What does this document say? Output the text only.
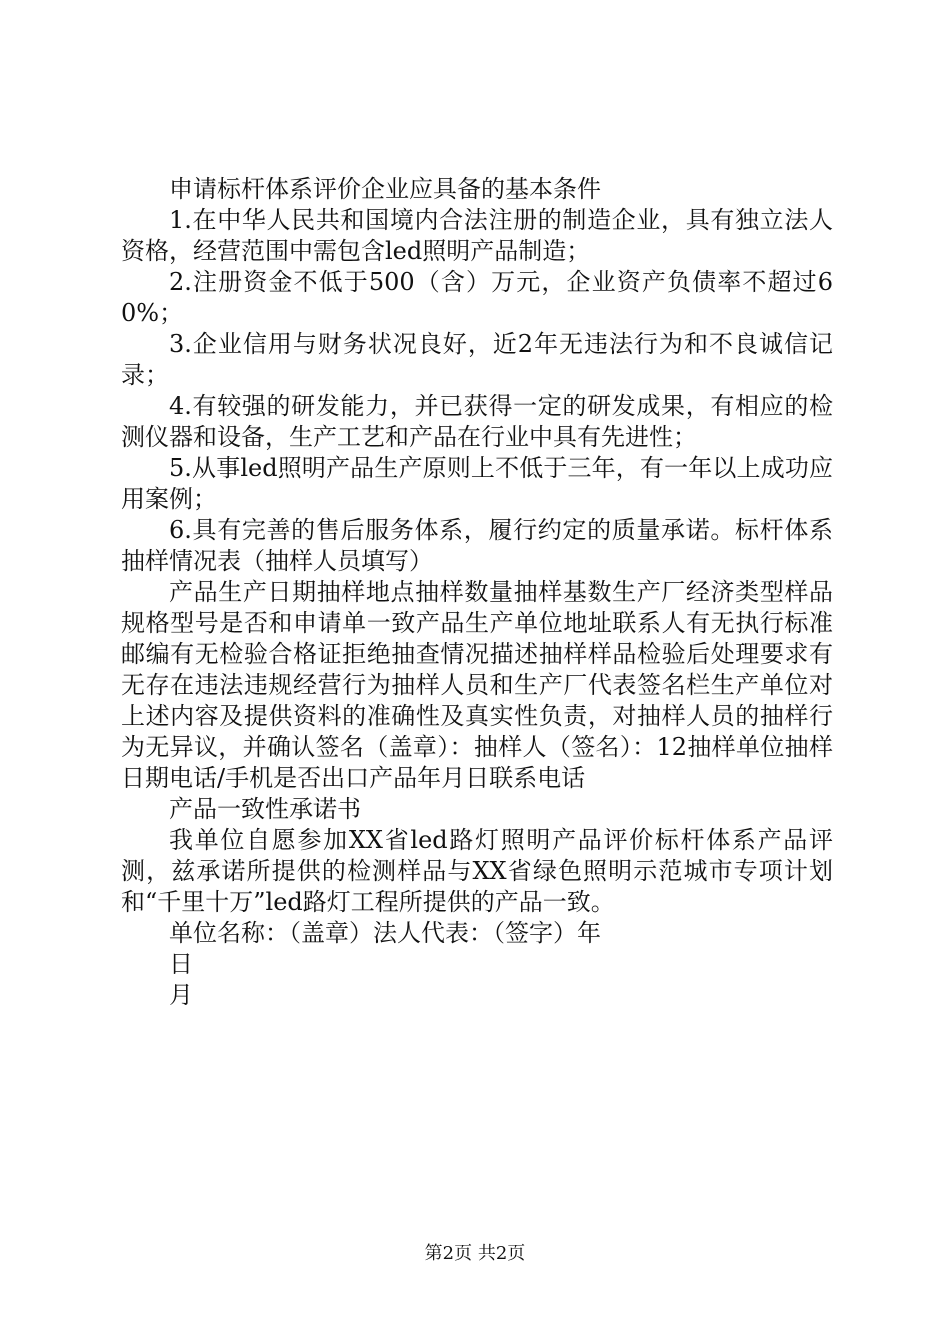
申请标杆体系评价企业应具备的基本条件

1.在中华人民共和国境内合法注册的制造企业，具有独立法人资格，经营范围中需包含led照明产品制造；

2.注册资金不低于500（含）万元，企业资产负债率不超过60%；

3.企业信用与财务状况良好，近2年无违法行为和不良诚信记录；

4.有较强的研发能力，并已获得一定的研发成果，有相应的检测仪器和设备，生产工艺和产品在行业中具有先进性；

5.从事led照明产品生产原则上不低于三年，有一年以上成功应用案例；

6.具有完善的售后服务体系，履行约定的质量承诺。标杆体系抽样情况表（抽样人员填写）

产品生产日期抽样地点抽样数量抽样基数生产厂经济类型样品规格型号是否和申请单一致产品生产单位地址联系人有无执行标准邮编有无检验合格证拒绝抽查情况描述抽样样品检验后处理要求有无存在违法违规经营行为抽样人员和生产厂代表签名栏生产单位对上述内容及提供资料的准确性及真实性负责，对抽样人员的抽样行为无异议，并确认签名（盖章）：抽样人（签名）：12抽样单位抽样日期电话/手机是否出口产品年月日联系电话

产品一致性承诺书

我单位自愿参加XX省led路灯照明产品评价标杆体系产品评测，兹承诺所提供的检测样品与XX省绿色照明示范城市专项计划和“千里十万”led路灯工程所提供的产品一致。

单位名称：（盖章）法人代表：（签字）年

日

月

第2页 共2页
